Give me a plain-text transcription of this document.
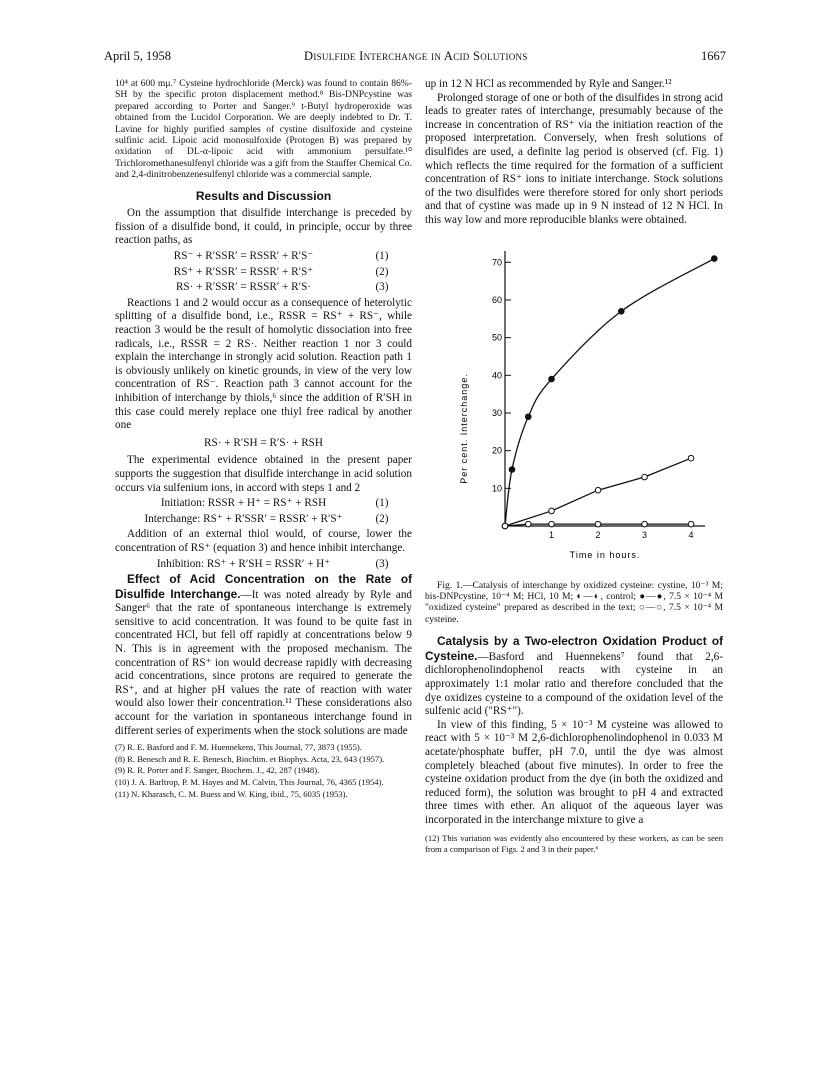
April 5, 1958	Disulfide Interchange in Acid Solutions	1667

10⁴ at 600 mμ.⁷ Cysteine hydrochloride (Merck) was found to contain 86%-SH by the specific proton displacement method.⁸ Bis-DNPcystine was prepared according to Porter and Sanger.⁹ t-Butyl hydroperoxide was obtained from the Lucidol Corporation. We are deeply indebted to Dr. T. Lavine for highly purified samples of cystine disulfoxide and cysteine sulfinic acid. Lipoic acid monosulfoxide (Protogen B) was prepared by oxidation of DL-α-lipoic acid with ammonium persulfate.¹⁰ Trichloromethanesulfenyl chloride was a gift from the Stauffer Chemical Co. and 2,4-dinitrobenzenesulfenyl chloride was a commercial sample.

Results and Discussion

On the assumption that disulfide interchange is preceded by fission of a disulfide bond, it could, in principle, occur by three reaction paths, as

RS⁻ + R′SSR′ = RSSR′ + R′S⁻	(1)
RS⁺ + R′SSR′ = RSSR′ + R′S⁺	(2)
RS· + R′SSR′ = RSSR′ + R′S·	(3)

Reactions 1 and 2 would occur as a consequence of heterolytic splitting of a disulfide bond, i.e., RSSR = RS⁺ + RS⁻, while reaction 3 would be the result of homolytic dissociation into free radicals, i.e., RSSR = 2 RS·. Neither reaction 1 nor 3 could explain the interchange in strongly acid solution. Reaction path 1 is obviously unlikely on kinetic grounds, in view of the very low concentration of RS⁻. Reaction path 3 cannot account for the inhibition of interchange by thiols,⁶ since the addition of R′SH in this case could merely replace one thiyl free radical by another one

RS· + R′SH = R′S· + RSH

The experimental evidence obtained in the present paper supports the suggestion that disulfide interchange in acid solution occurs via sulfenium ions, in accord with steps 1 and 2

Initiation: RSSR + H⁺ = RS⁺ + RSH	(1)
Interchange: RS⁺ + R′SSR′ = RSSR′ + R′S⁺	(2)

Addition of an external thiol would, of course, lower the concentration of RS⁺ (equation 3) and hence inhibit interchange.

Inhibition: RS⁺ + R′SH = RSSR′ + H⁺	(3)

Effect of Acid Concentration on the Rate of Disulfide Interchange.—It was noted already by Ryle and Sanger⁶ that the rate of spontaneous interchange is extremely sensitive to acid concentration. It was found to be quite fast in concentrated HCl, but fell off rapidly at concentrations below 9 N. This is in agreement with the proposed mechanism. The concentration of RS⁺ ion would decrease rapidly with decreasing acid concentrations, since protons are required to generate the RS⁺, and at higher pH values the rate of reaction with water would also lower their concentration.¹¹ These considerations also account for the variation in spontaneous interchange found in different series of experiments when the stock solutions are made

(7) R. E. Basford and F. M. Huennekens, This Journal, 77, 3873 (1955).
(8) R. Benesch and R. E. Benesch, Biochim. et Biophys. Acta, 23, 643 (1957).
(9) R. R. Porter and F. Sanger, Biochem. J., 42, 287 (1948).
(10) J. A. Barltrop, P. M. Hayes and M. Calvin, This Journal, 76, 4365 (1954).
(11) N. Kharasch, C. M. Buess and W. King, ibid., 75, 6035 (1953).

up in 12 N HCl as recommended by Ryle and Sanger.¹²

Prolonged storage of one or both of the disulfides in strong acid leads to greater rates of interchange, presumably because of the increase in concentration of RS⁺ via the initiation reaction of the proposed interpretation. Conversely, when fresh solutions of disulfides are used, a definite lag period is observed (cf. Fig. 1) which reflects the time required for the formation of a sufficient concentration of RS⁺ ions to initiate interchange. Stock solutions of the two disulfides were therefore stored for only short periods and that of cystine was made up in 9 N instead of 12 N HCl. In this way low and more reproducible blanks were obtained.

10
20
30
40
50
60
70
1	2	3	4
Time in hours.
Per cent. Interchange.

Fig. 1.—Catalysis of interchange by oxidized cysteine: cystine, 10⁻³ M; bis-DNPcystine, 10⁻⁴ M; HCl, 10 M; ◐—◐, control; ●—●, 7.5 × 10⁻⁴ M "oxidized cysteine" prepared as described in the text; ○—○, 7.5 × 10⁻⁴ M cysteine.

Catalysis by a Two-electron Oxidation Product of Cysteine.—Basford and Huennekens⁷ found that 2,6-dichlorophenolindophenol reacts with cysteine in an approximately 1:1 molar ratio and therefore concluded that the dye oxidizes cysteine to a compound of the oxidation level of the sulfenic acid ("RS⁺").

In view of this finding, 5 × 10⁻³ M cysteine was allowed to react with 5 × 10⁻³ M 2,6-dichlorophenolindophenol in 0.033 M acetate/phosphate buffer, pH 7.0, until the dye was almost completely bleached (about five minutes). In order to free the cysteine oxidation product from the dye (in both the oxidized and reduced form), the solution was brought to pH 4 and extracted three times with ether. An aliquot of the aqueous layer was incorporated in the interchange mixture to give a

(12) This variation was evidently also encountered by these workers, as can be seen from a comparison of Figs. 2 and 3 in their paper.⁶
